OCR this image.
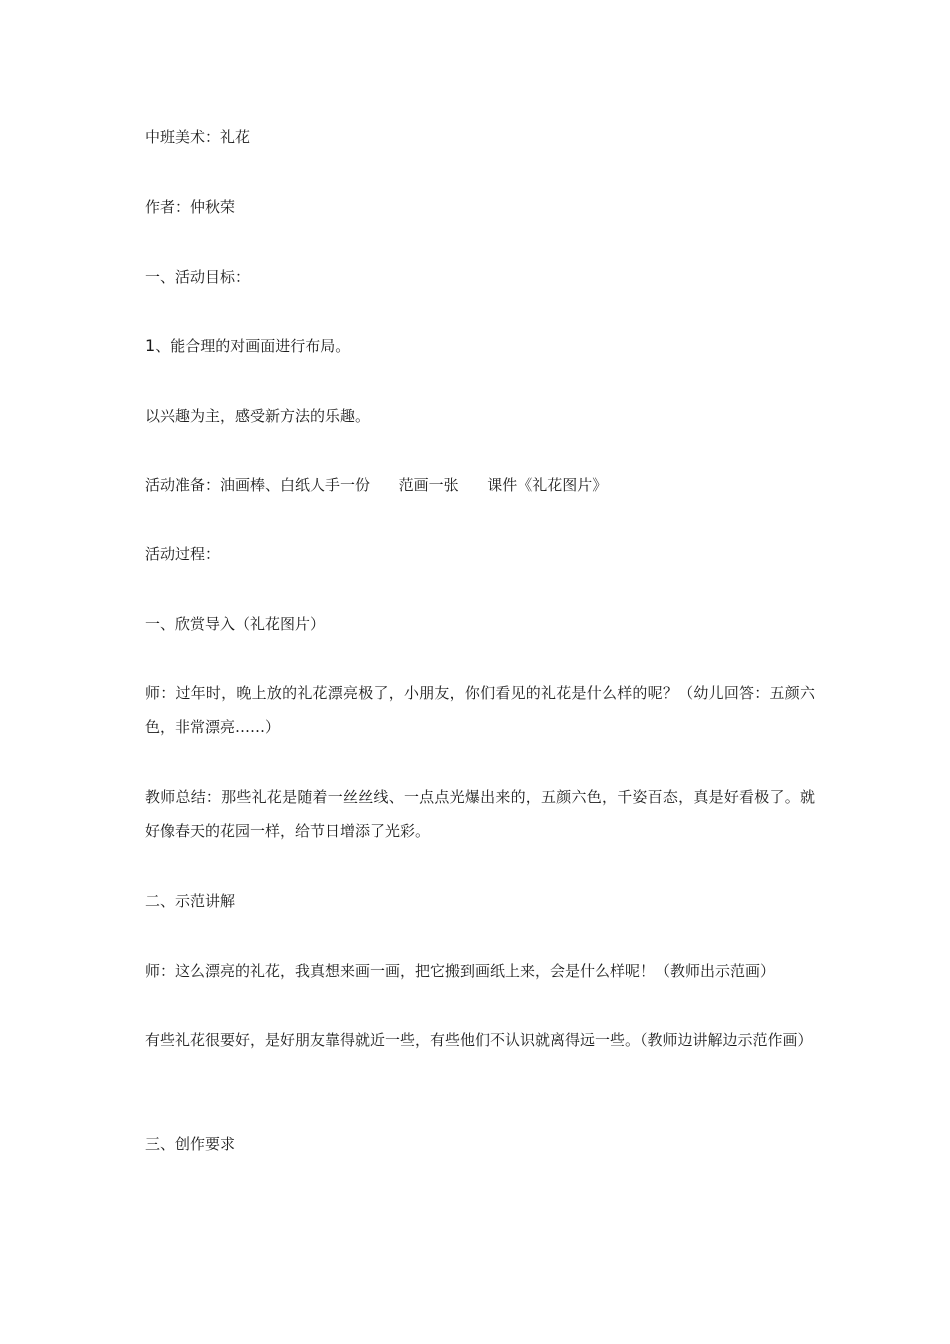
中班美术：礼花

作者：仲秋荣

一、活动目标：

1、能合理的对画面进行布局。

以兴趣为主，感受新方法的乐趣。

活动准备：油画棒、白纸人手一份      范画一张      课件《礼花图片》

活动过程：

一、欣赏导入（礼花图片）

师：过年时，晚上放的礼花漂亮极了，小朋友，你们看见的礼花是什么样的呢？（幼儿回答：五颜六色，非常漂亮……）

教师总结：那些礼花是随着一丝丝线、一点点光爆出来的，五颜六色，千姿百态，真是好看极了。就好像春天的花园一样，给节日增添了光彩。

二、示范讲解

师：这么漂亮的礼花，我真想来画一画，把它搬到画纸上来，会是什么样呢！（教师出示范画）

有些礼花很要好，是好朋友靠得就近一些，有些他们不认识就离得远一些。（教师边讲解边示范作画）

三、创作要求
